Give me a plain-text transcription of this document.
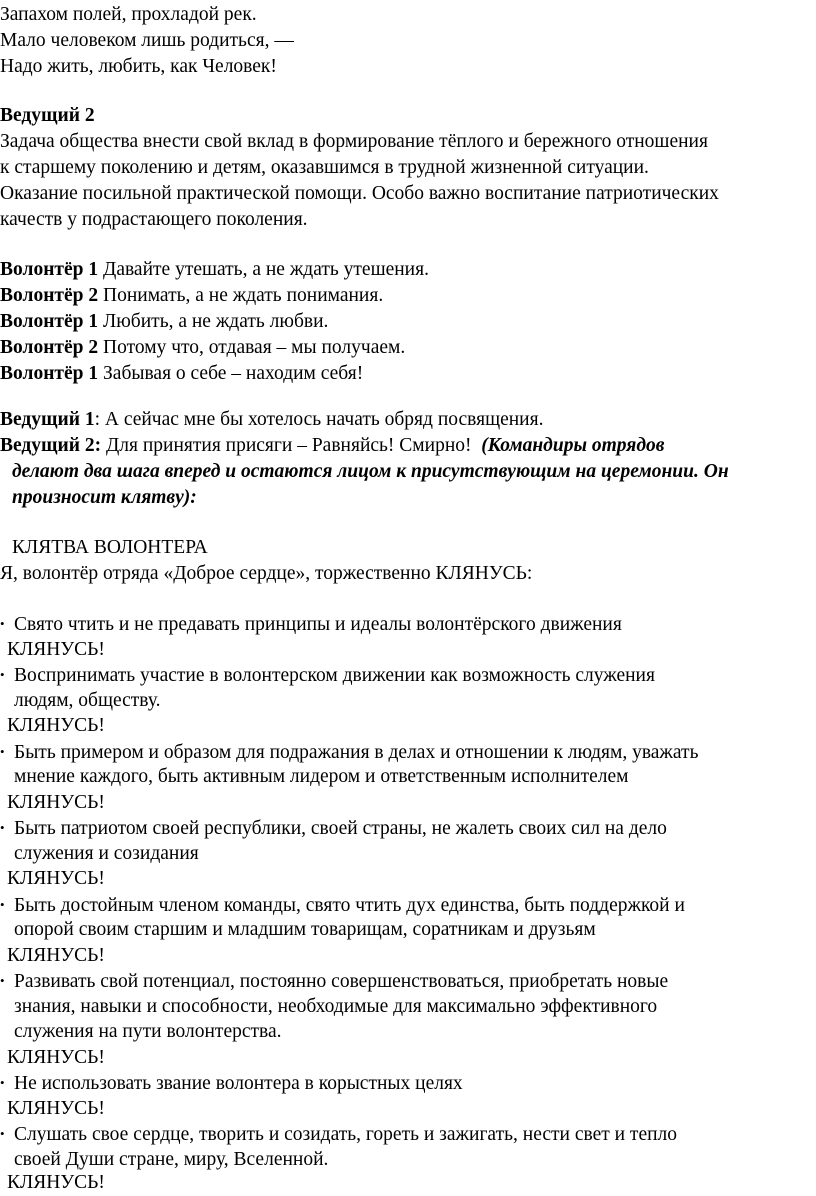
Запахом полей, прохладой рек.
Мало человеком лишь родиться, —
Надо жить, любить, как Человек!
Ведущий 2
Задача общества внести свой вклад в формирование тёплого и бережного отношения
к старшему поколению и детям, оказавшимся в трудной жизненной ситуации.
Оказание посильной практической помощи. Особо важно воспитание патриотических
качеств у подрастающего поколения.
Волонтёр 1 Давайте утешать, а не ждать утешения.
Волонтёр 2 Понимать, а не ждать понимания.
Волонтёр 1 Любить, а не ждать любви.
Волонтёр 2 Потому что, отдавая – мы получаем.
Волонтёр 1 Забывая о себе – находим себя!
Ведущий 1: А сейчас мне бы хотелось начать обряд посвящения.
Ведущий 2: Для принятия присяги – Равняйсь! Смирно!  (Командиры отрядов
делают два шага вперед и остаются лицом к присутствующим на церемонии. Он
произносит клятву):
КЛЯТВА ВОЛОНТЕРА
Я, волонтёр отряда «Доброе сердце», торжественно КЛЯНУСЬ:
• Свято чтить и не предавать принципы и идеалы волонтёрского движения
КЛЯНУСЬ!
• Воспринимать участие в волонтерском движении как возможность служения
людям, обществу.
КЛЯНУСЬ!
• Быть примером и образом для подражания в делах и отношении к людям, уважать
мнение каждого, быть активным лидером и ответственным исполнителем
КЛЯНУСЬ!
• Быть патриотом своей республики, своей страны, не жалеть своих сил на дело
служения и созидания
КЛЯНУСЬ!
• Быть достойным членом команды, свято чтить дух единства, быть поддержкой и
опорой своим старшим и младшим товарищам, соратникам и друзьям
КЛЯНУСЬ!
• Развивать свой потенциал, постоянно совершенствоваться, приобретать новые
знания, навыки и способности, необходимые для максимально эффективного
служения на пути волонтерства.
КЛЯНУСЬ!
• Не использовать звание волонтера в корыстных целях
КЛЯНУСЬ!
• Слушать свое сердце, творить и созидать, гореть и зажигать, нести свет и тепло
своей Души стране, миру, Вселенной.
КЛЯНУСЬ!
